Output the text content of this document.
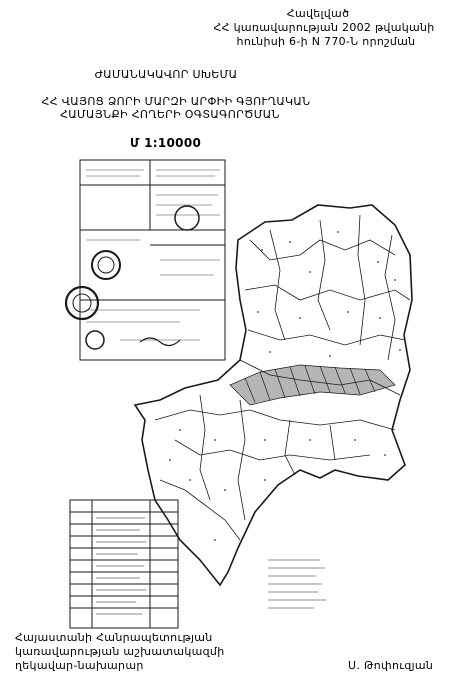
Հավելված
ՀՀ կառավարության 2002 թվականի
հունիսի 6-ի N 770-Ն որոշման
ԺԱՄԱՆԱԿԱՎՈՐ ՍԽԵՄԱ
ՀՀ ՎԱՅՈՑ ՁՈՐԻ ՄԱՐԶԻ ԱՐՓԻԻ ԳՅՈՒՂԱԿԱՆ
ՀԱՄԱՅՆՔԻ ՀՈՂԵՐԻ ՕԳՏԱԳՈՐԾՄԱՆ
Մ 1:10000
Հայաստանի Հանրապետության
կառավարության աշխատակազմի
ղեկավար-նախարար	Ս. Թոփուզյան
